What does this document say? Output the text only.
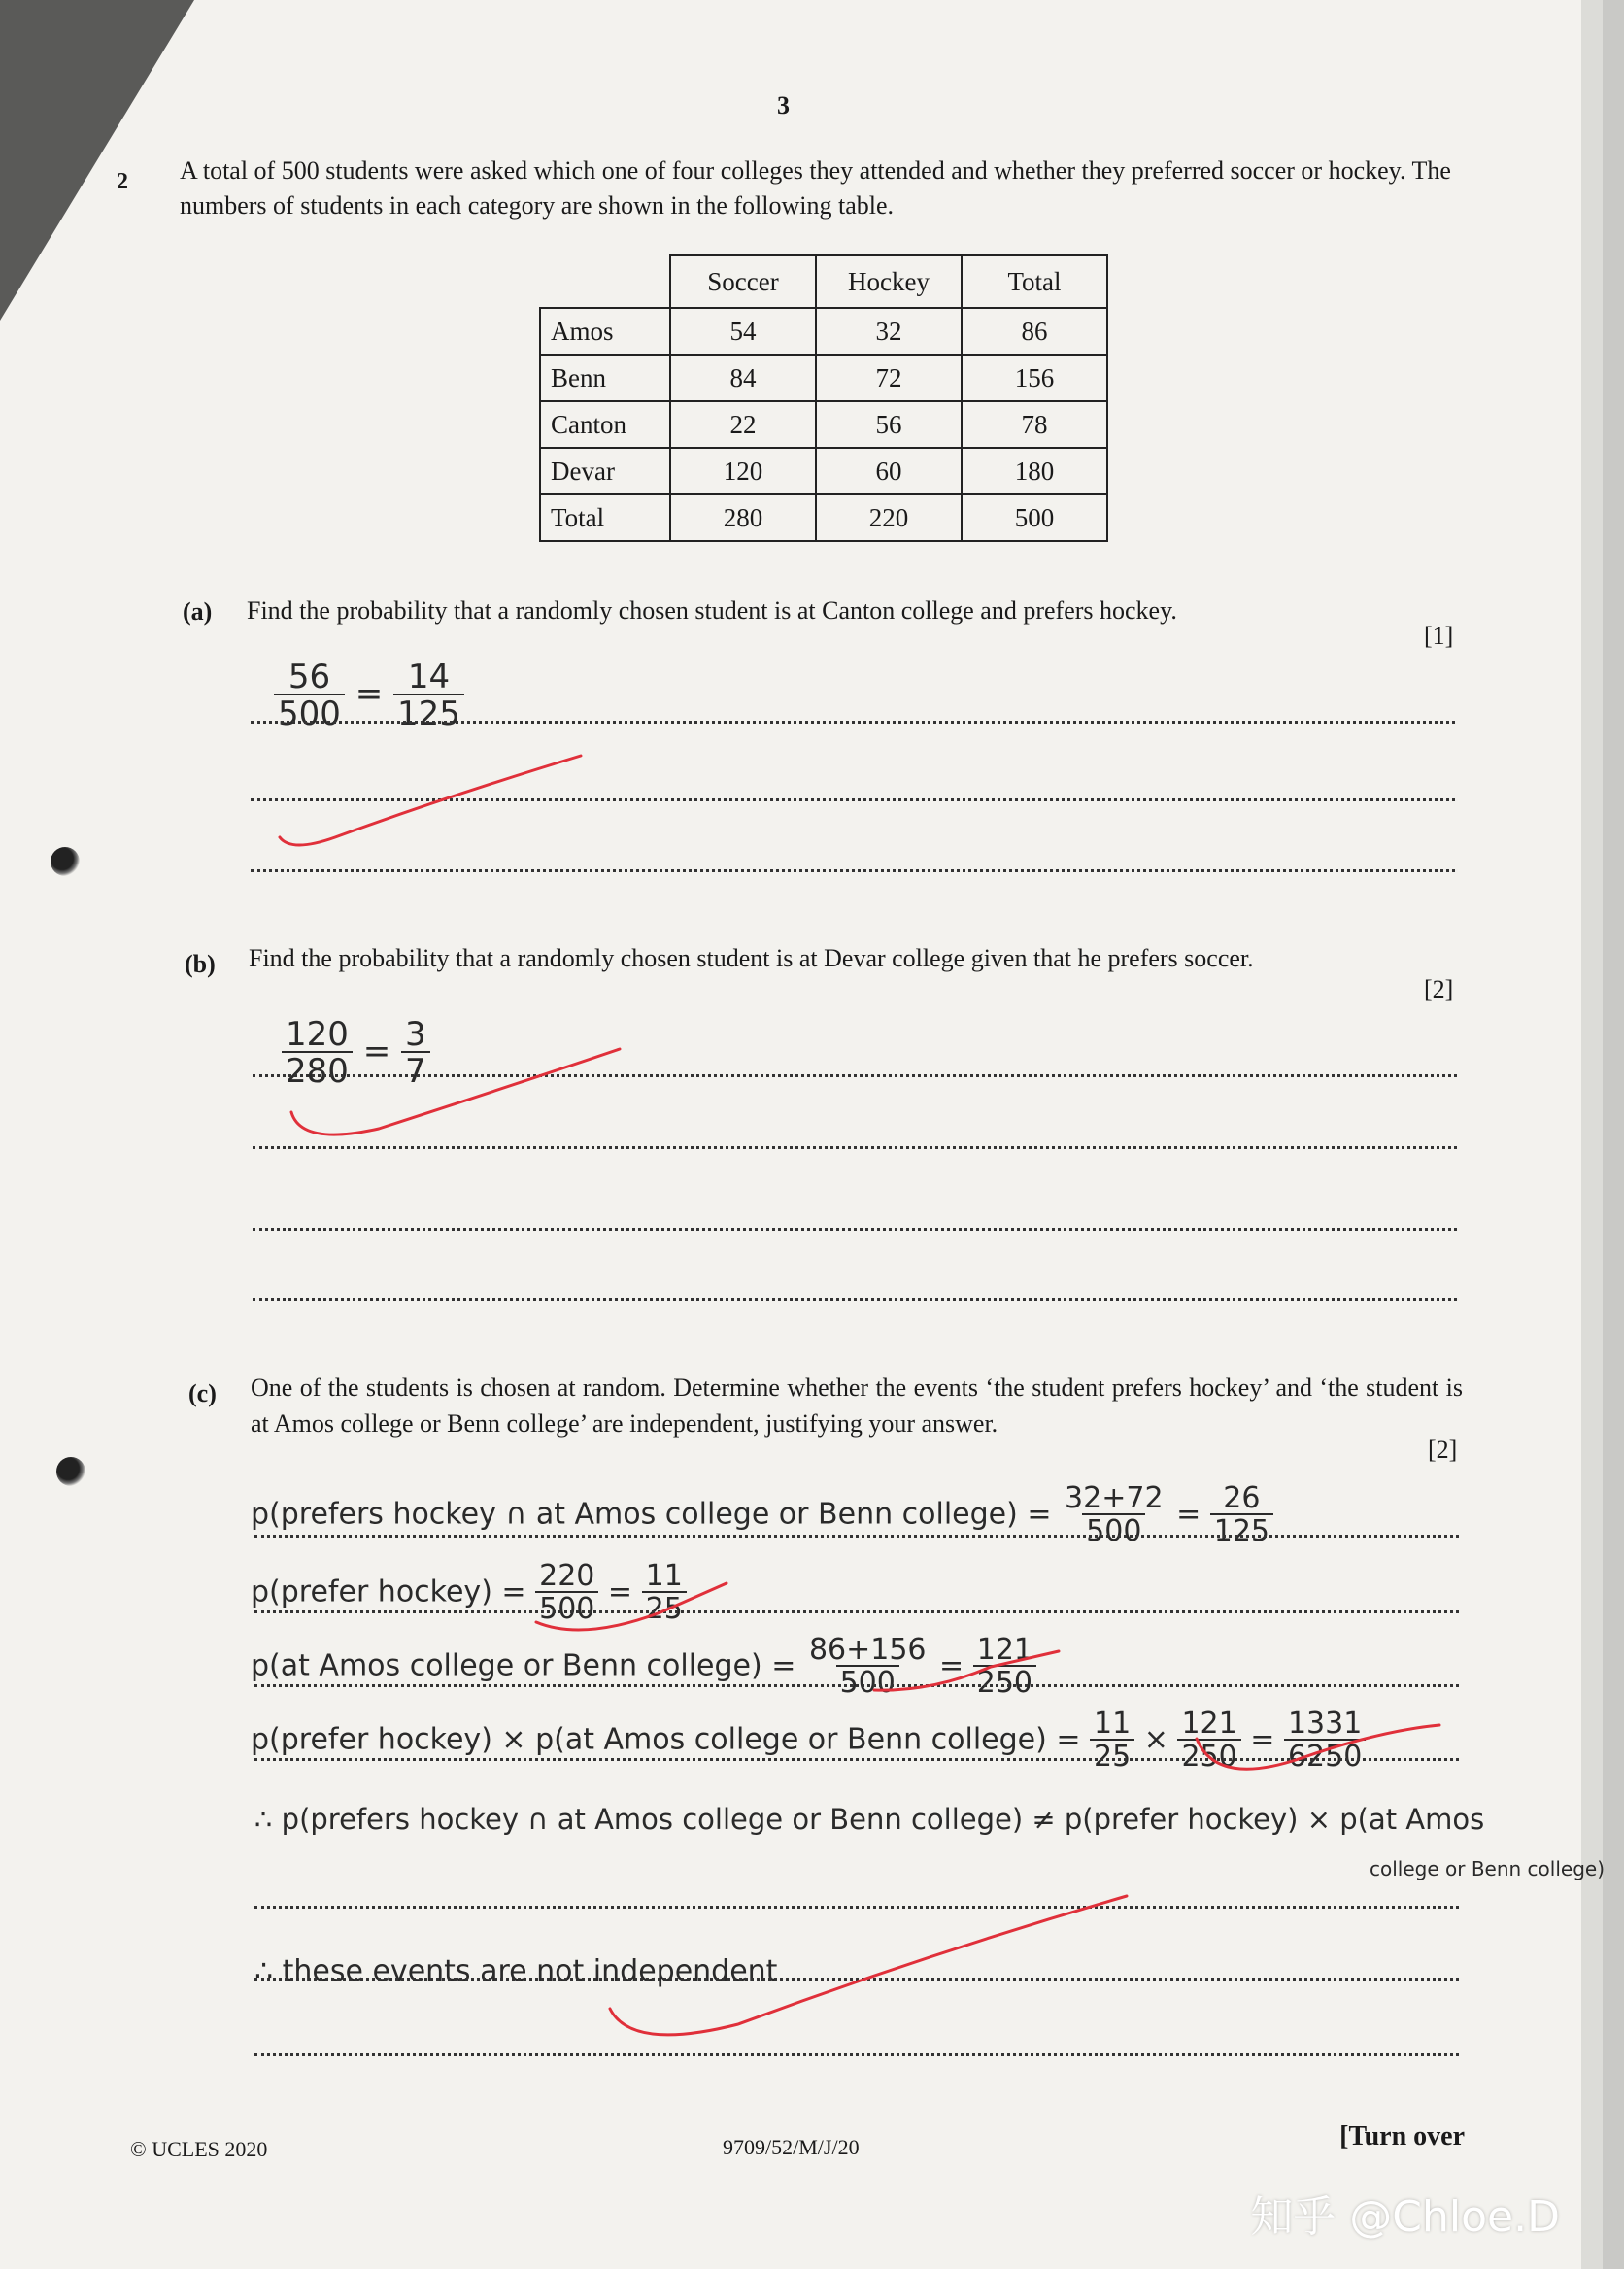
3
2 A total of 500 students were asked which one of four colleges they attended and whether they preferred soccer or hockey. The numbers of students in each category are shown in the following table.
	Soccer	Hockey	Total
Amos	54	32	86
Benn	84	72	156
Canton	22	56	78
Devar	120	60	180
Total	280	220	500
(a) Find the probability that a randomly chosen student is at Canton college and prefers hockey.
[1]
$\frac{56}{500} = \frac{14}{125}$
(b) Find the probability that a randomly chosen student is at Devar college given that he prefers soccer.
[2]
$\frac{120}{280} = \frac{3}{7}$
(c) One of the students is chosen at random. Determine whether the events ‘the student prefers hockey’ and ‘the student is at Amos college or Benn college’ are independent, justifying your answer.
[2]
p(prefers hockey ∩ at Amos college or Benn college) = $\frac{32+72}{500} = \frac{26}{125}$
p(prefer hockey) = $\frac{220}{500} = \frac{11}{25}$
p(at Amos college or Benn college) = $\frac{86+156}{500} = \frac{121}{250}$
p(prefer hockey) × p(at Amos college or Benn college) = $\frac{11}{25} \times \frac{121}{250} = \frac{1331}{6250}$
∴ p(prefers hockey ∩ at Amos college or Benn college) ≠ p(prefer hockey) × p(at Amos
college or Benn college)
∴ these events are not independent
© UCLES 2020	9709/52/M/J/20	[Turn over
知乎 @Chloe.D
